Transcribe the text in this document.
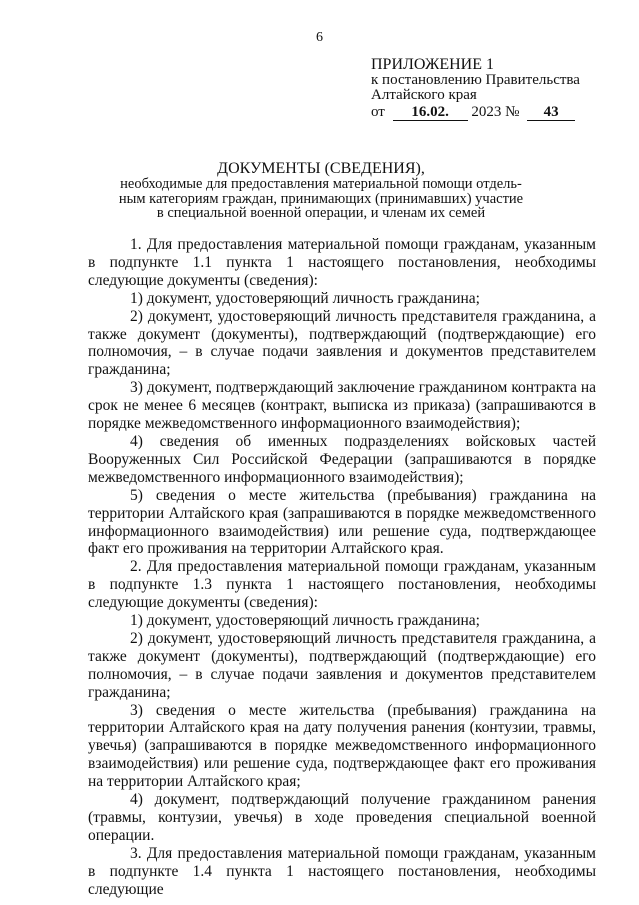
6
ПРИЛОЖЕНИЕ 1
к постановлению Правительства
Алтайского края
от 16.02. 2023 № 43
ДОКУМЕНТЫ (СВЕДЕНИЯ),
необходимые для предоставления материальной помощи отдель-
ным категориям граждан, принимающих (принимавших) участие
в специальной военной операции, и членам их семей

1. Для предоставления материальной помощи гражданам, указанным в подпункте 1.1 пункта 1 настоящего постановления, необходимы следующие документы (сведения):

1) документ, удостоверяющий личность гражданина;

2) документ, удостоверяющий личность представителя гражданина, а также документ (документы), подтверждающий (подтверждающие) его полномочия, – в случае подачи заявления и документов представителем гражданина;

3) документ, подтверждающий заключение гражданином контракта на срок не менее 6 месяцев (контракт, выписка из приказа) (запрашиваются в порядке межведомственного информационного взаимодействия);

4) сведения об именных подразделениях войсковых частей Вооруженных Сил Российской Федерации (запрашиваются в порядке межведомственного информационного взаимодействия);

5) сведения о месте жительства (пребывания) гражданина на территории Алтайского края (запрашиваются в порядке межведомственного информационного взаимодействия) или решение суда, подтверждающее факт его проживания на территории Алтайского края.

2. Для предоставления материальной помощи гражданам, указанным в подпункте 1.3 пункта 1 настоящего постановления, необходимы следующие документы (сведения):

1) документ, удостоверяющий личность гражданина;

2) документ, удостоверяющий личность представителя гражданина, а также документ (документы), подтверждающий (подтверждающие) его полномочия, – в случае подачи заявления и документов представителем гражданина;

3) сведения о месте жительства (пребывания) гражданина на территории Алтайского края на дату получения ранения (контузии, травмы, увечья) (запрашиваются в порядке межведомственного информационного взаимодействия) или решение суда, подтверждающее факт его проживания на территории Алтайского края;

4) документ, подтверждающий получение гражданином ранения (травмы, контузии, увечья) в ходе проведения специальной военной операции.

3. Для предоставления материальной помощи гражданам, указанным в подпункте 1.4 пункта 1 настоящего постановления, необходимы следующие
